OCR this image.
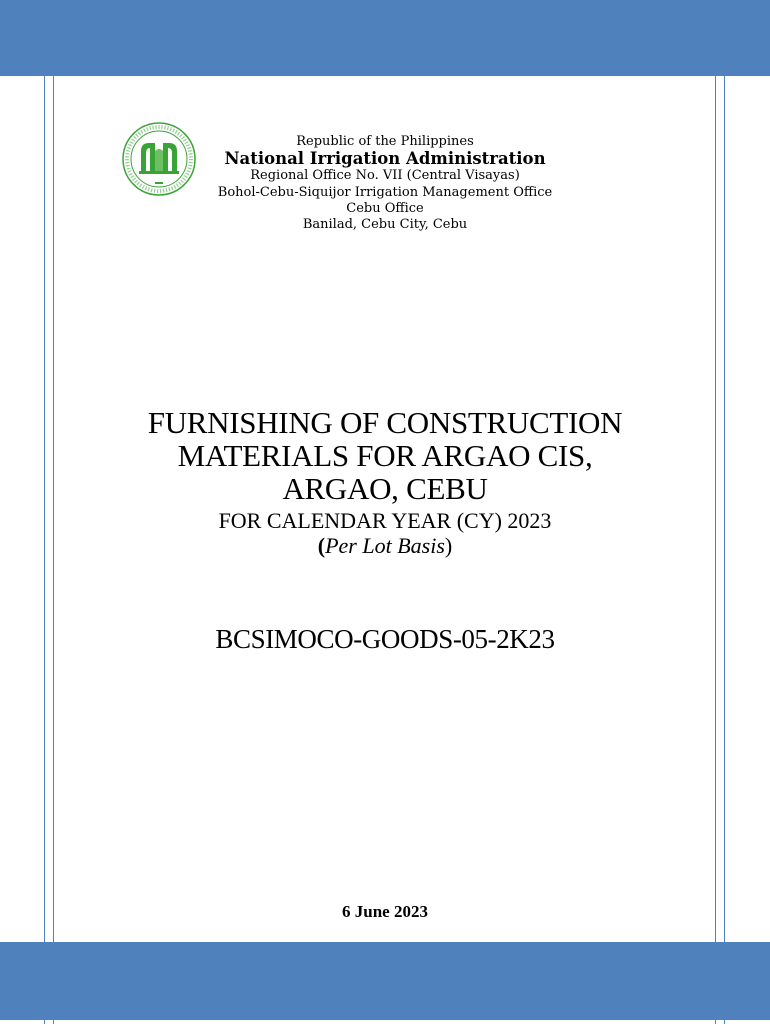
Republic of the Philippines
National Irrigation Administration
Regional Office No. VII (Central Visayas)
Bohol-Cebu-Siquijor Irrigation Management Office
Cebu Office
Banilad, Cebu City, Cebu
FURNISHING OF CONSTRUCTION
MATERIALS FOR ARGAO CIS,
ARGAO, CEBU
FOR CALENDAR YEAR (CY) 2023
(Per Lot Basis)
BCSIMOCO-GOODS-05-2K23
6 June 2023
